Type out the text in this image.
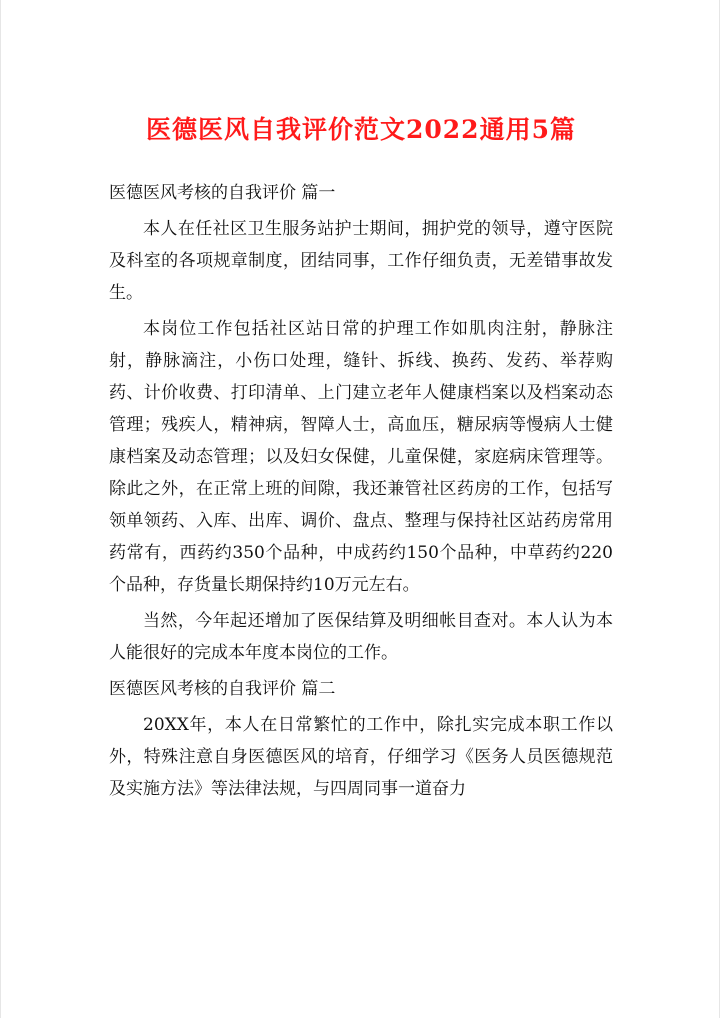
医德医风自我评价范文2022通用5篇
医德医风考核的自我评价 篇一
本人在任社区卫生服务站护士期间，拥护党的领导，遵守医院及科室的各项规章制度，团结同事，工作仔细负责，无差错事故发生。
本岗位工作包括社区站日常的护理工作如肌肉注射，静脉注射，静脉滴注，小伤口处理，缝针、拆线、换药、发药、举荐购药、计价收费、打印清单、上门建立老年人健康档案以及档案动态管理；残疾人，精神病，智障人士，高血压，糖尿病等慢病人士健康档案及动态管理；以及妇女保健，儿童保健，家庭病床管理等。除此之外，在正常上班的间隙，我还兼管社区药房的工作，包括写领单领药、入库、出库、调价、盘点、整理与保持社区站药房常用药常有，西药约350个品种，中成药约150个品种，中草药约220个品种，存货量长期保持约10万元左右。
当然，今年起还增加了医保结算及明细帐目查对。本人认为本人能很好的完成本年度本岗位的工作。
医德医风考核的自我评价 篇二
20XX年，本人在日常繁忙的工作中，除扎实完成本职工作以外，特殊注意自身医德医风的培育，仔细学习《医务人员医德规范及实施方法》等法律法规，与四周同事一道奋力
